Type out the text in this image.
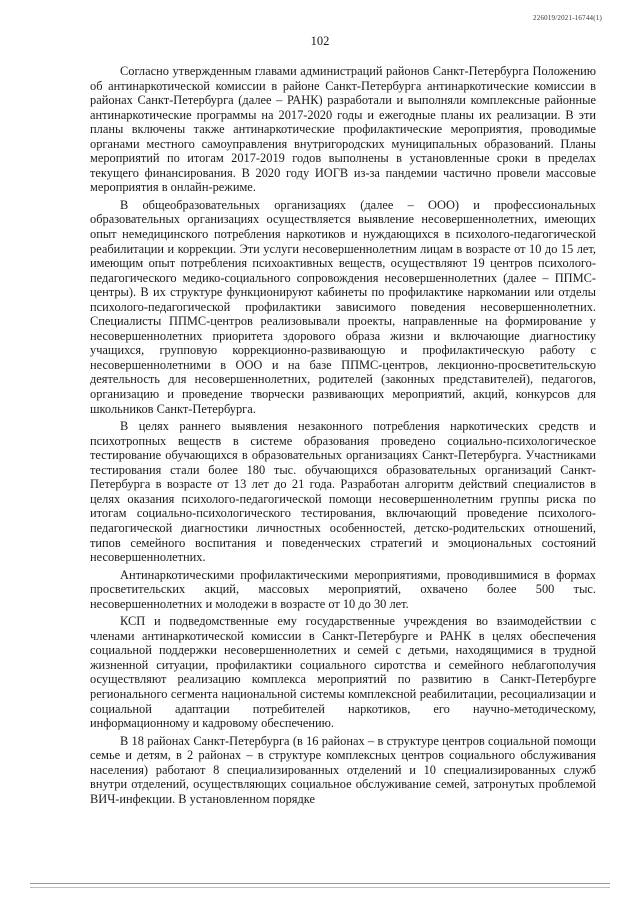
226019/2021-16744(1)
102

Согласно утвержденным главами администраций районов Санкт-Петербурга Положению об антинаркотической комиссии в районе Санкт-Петербурга антинаркотические комиссии в районах Санкт-Петербурга (далее – РАНК) разработали и выполняли комплексные районные антинаркотические программы на 2017-2020 годы и ежегодные планы их реализации. В эти планы включены также антинаркотические профилактические мероприятия, проводимые органами местного самоуправления внутригородских муниципальных образований. Планы мероприятий по итогам 2017-2019 годов выполнены в установленные сроки в пределах текущего финансирования. В 2020 году ИОГВ из-за пандемии частично провели массовые мероприятия в онлайн-режиме.

В общеобразовательных организациях (далее – ООО) и профессиональных образовательных организациях осуществляется выявление несовершеннолетних, имеющих опыт немедицинского потребления наркотиков и нуждающихся в психолого-педагогической реабилитации и коррекции. Эти услуги несовершеннолетним лицам в возрасте от 10 до 15 лет, имеющим опыт потребления психоактивных веществ, осуществляют 19 центров психолого-педагогического медико-социального сопровождения несовершеннолетних (далее – ППМС-центры). В их структуре функционируют кабинеты по профилактике наркомании или отделы психолого-педагогической профилактики зависимого поведения несовершеннолетних. Специалисты ППМС-центров реализовывали проекты, направленные на формирование у несовершеннолетних приоритета здорового образа жизни и включающие диагностику учащихся, групповую коррекционно-развивающую и профилактическую работу с несовершеннолетними в ООО и на базе ППМС-центров, лекционно-просветительскую деятельность для несовершеннолетних, родителей (законных представителей), педагогов, организацию и проведение творчески развивающих мероприятий, акций, конкурсов для школьников Санкт-Петербурга.

В целях раннего выявления незаконного потребления наркотических средств и психотропных веществ в системе образования проведено социально-психологическое тестирование обучающихся в образовательных организациях Санкт-Петербурга. Участниками тестирования стали более 180 тыс. обучающихся образовательных организаций Санкт-Петербурга в возрасте от 13 лет до 21 года. Разработан алгоритм действий специалистов в целях оказания психолого-педагогической помощи несовершеннолетним группы риска по итогам социально-психологического тестирования, включающий проведение психолого-педагогической диагностики личностных особенностей, детско-родительских отношений, типов семейного воспитания и поведенческих стратегий и эмоциональных состояний несовершеннолетних.

Антинаркотическими профилактическими мероприятиями, проводившимися в формах просветительских акций, массовых мероприятий, охвачено более 500 тыс. несовершеннолетних и молодежи в возрасте от 10 до 30 лет.

КСП и подведомственные ему государственные учреждения во взаимодействии с членами антинаркотической комиссии в Санкт-Петербурге и РАНК в целях обеспечения социальной поддержки несовершеннолетних и семей с детьми, находящимися в трудной жизненной ситуации, профилактики социального сиротства и семейного неблагополучия осуществляют реализацию комплекса мероприятий по развитию в Санкт-Петербурге регионального сегмента национальной системы комплексной реабилитации, ресоциализации и социальной адаптации потребителей наркотиков, его научно-методическому, информационному и кадровому обеспечению.

В 18 районах Санкт-Петербурга (в 16 районах – в структуре центров социальной помощи семье и детям, в 2 районах – в структуре комплексных центров социального обслуживания населения) работают 8 специализированных отделений и 10 специализированных служб внутри отделений, осуществляющих социальное обслуживание семей, затронутых проблемой ВИЧ-инфекции. В установленном порядке
